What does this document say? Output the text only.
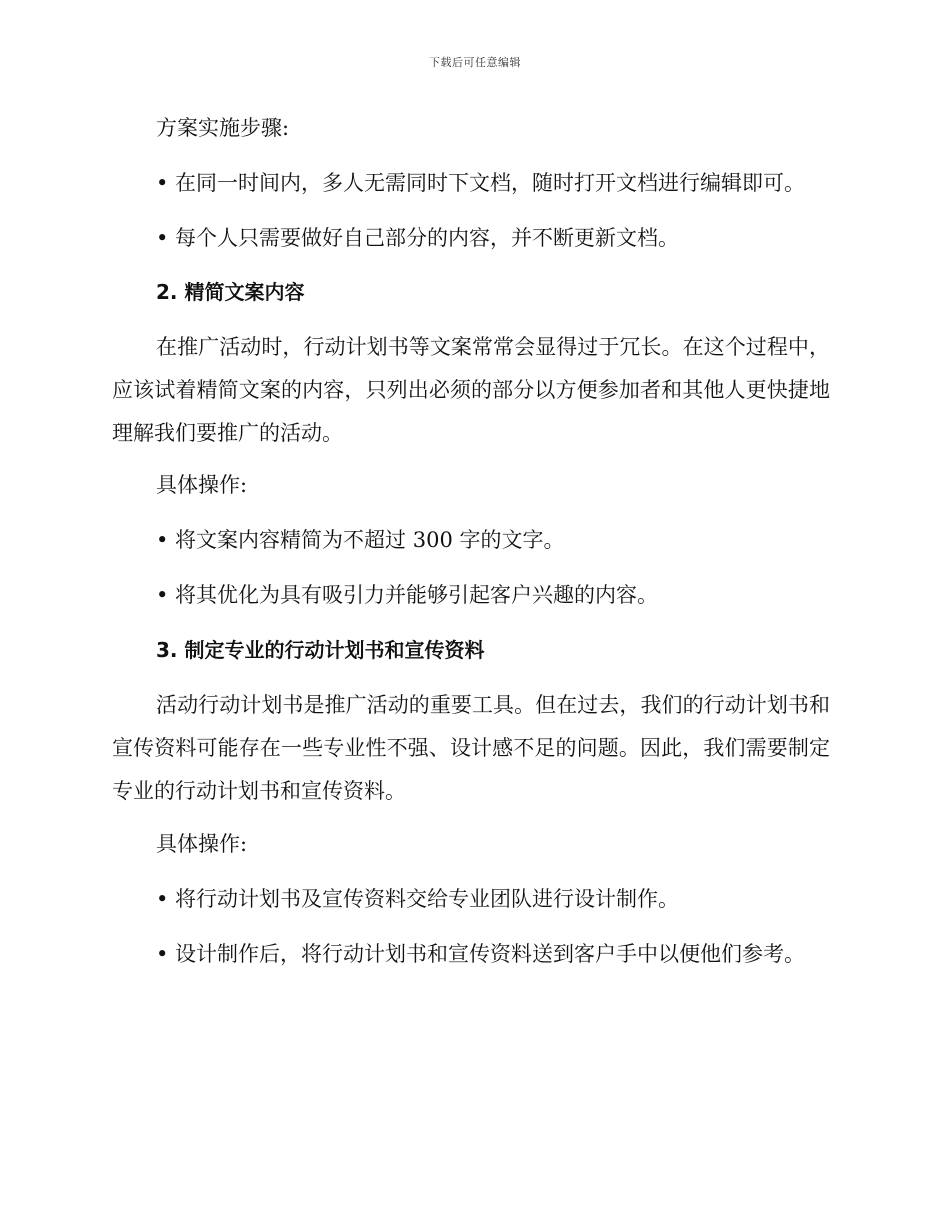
下载后可任意编辑
方案实施步骤:
• 在同一时间内，多人无需同时下文档，随时打开文档进行编辑即可。
• 每个人只需要做好自己部分的内容，并不断更新文档。
2. 精简文案内容
在推广活动时，行动计划书等文案常常会显得过于冗长。在这个过程中，应该试着精简文案的内容，只列出必须的部分以方便参加者和其他人更快捷地理解我们要推广的活动。
具体操作:
• 将文案内容精简为不超过 300 字的文字。
• 将其优化为具有吸引力并能够引起客户兴趣的内容。
3. 制定专业的行动计划书和宣传资料
活动行动计划书是推广活动的重要工具。但在过去，我们的行动计划书和宣传资料可能存在一些专业性不强、设计感不足的问题。因此，我们需要制定专业的行动计划书和宣传资料。
具体操作:
• 将行动计划书及宣传资料交给专业团队进行设计制作。
• 设计制作后，将行动计划书和宣传资料送到客户手中以便他们参考。
